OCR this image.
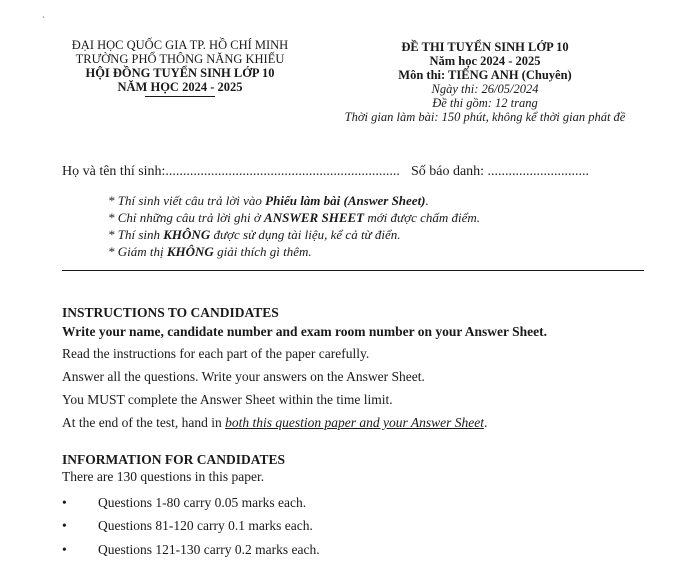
`
ĐẠI HỌC QUỐC GIA TP. HỒ CHÍ MINH
TRƯỜNG PHỔ THÔNG NĂNG KHIẾU
HỘI ĐỒNG TUYỂN SINH LỚP 10
NĂM HỌC 2024 - 2025
ĐỀ THI TUYỂN SINH LỚP 10
Năm học 2024 - 2025
Môn thi: TIẾNG ANH (Chuyên)
Ngày thi: 26/05/2024
Đề thi gồm: 12 trang
Thời gian làm bài: 150 phút, không kể thời gian phát đề
Họ và tên thí sinh:................................................................... Số báo danh: .............................
* Thí sinh viết câu trả lời vào Phiếu làm bài (Answer Sheet).
* Chỉ những câu trả lời ghi ở ANSWER SHEET mới được chấm điểm.
* Thí sinh KHÔNG được sử dụng tài liệu, kể cả từ điển.
* Giám thị KHÔNG giải thích gì thêm.
INSTRUCTIONS TO CANDIDATES
Write your name, candidate number and exam room number on your Answer Sheet.
Read the instructions for each part of the paper carefully.
Answer all the questions. Write your answers on the Answer Sheet.
You MUST complete the Answer Sheet within the time limit.
At the end of the test, hand in both this question paper and your Answer Sheet.
INFORMATION FOR CANDIDATES
There are 130 questions in this paper.
• Questions 1-80 carry 0.05 marks each.
• Questions 81-120 carry 0.1 marks each.
• Questions 121-130 carry 0.2 marks each.
